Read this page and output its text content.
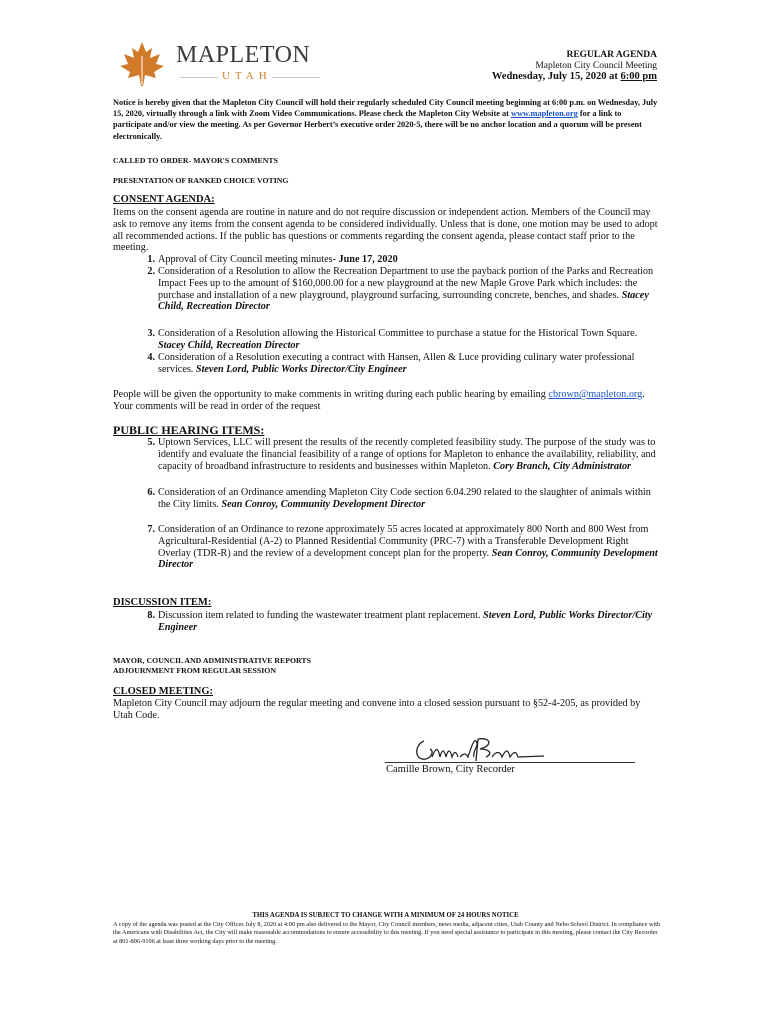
MAPLETON
UTAH
REGULAR AGENDA
Mapleton City Council Meeting
Wednesday, July 15, 2020 at 6:00 pm
Notice is hereby given that the Mapleton City Council will hold their regularly scheduled City Council meeting beginning at 6:00 p.m. on Wednesday, July 15, 2020, virtually through a link with Zoom Video Communications. Please check the Mapleton City Website at www.mapleton.org for a link to participate and/or view the meeting. As per Governor Herbert’s executive order 2020-5, there will be no anchor location and a quorum will be present electronically.
CALLED TO ORDER- MAYOR'S COMMENTS
PRESENTATION OF RANKED CHOICE VOTING
CONSENT AGENDA:
Items on the consent agenda are routine in nature and do not require discussion or independent action. Members of the Council may ask to remove any items from the consent agenda to be considered individually. Unless that is done, one motion may be used to adopt all recommended actions. If the public has questions or comments regarding the consent agenda, please contact staff prior to the meeting.
1. Approval of City Council meeting minutes- June 17, 2020
2. Consideration of a Resolution to allow the Recreation Department to use the payback portion of the Parks and Recreation Impact Fees up to the amount of $160,000.00 for a new playground at the new Maple Grove Park which includes: the purchase and installation of a new playground, playground surfacing, surrounding concrete, benches, and shades. Stacey Child, Recreation Director
3. Consideration of a Resolution allowing the Historical Committee to purchase a statue for the Historical Town Square. Stacey Child, Recreation Director
4. Consideration of a Resolution executing a contract with Hansen, Allen & Luce providing culinary water professional services. Steven Lord, Public Works Director/City Engineer
People will be given the opportunity to make comments in writing during each public hearing by emailing cbrown@mapleton.org. Your comments will be read in order of the request
PUBLIC HEARING ITEMS:
5. Uptown Services, LLC will present the results of the recently completed feasibility study. The purpose of the study was to identify and evaluate the financial feasibility of a range of options for Mapleton to enhance the availability, reliability, and capacity of broadband infrastructure to residents and businesses within Mapleton. Cory Branch, City Administrator
6. Consideration of an Ordinance amending Mapleton City Code section 6.04.290 related to the slaughter of animals within the City limits. Sean Conroy, Community Development Director
7. Consideration of an Ordinance to rezone approximately 55 acres located at approximately 800 North and 800 West from Agricultural-Residential (A-2) to Planned Residential Community (PRC-7) with a Transferable Development Right Overlay (TDR-R) and the review of a development concept plan for the property. Sean Conroy, Community Development Director
DISCUSSION ITEM:
8. Discussion item related to funding the wastewater treatment plant replacement. Steven Lord, Public Works Director/City Engineer
MAYOR, COUNCIL AND ADMINISTRATIVE REPORTS
ADJOURNMENT FROM REGULAR SESSION
CLOSED MEETING:
Mapleton City Council may adjourn the regular meeting and convene into a closed session pursuant to §52-4-205, as provided by Utah Code.
Camille Brown, City Recorder
THIS AGENDA IS SUBJECT TO CHANGE WITH A MINIMUM OF 24 HOURS NOTICE
A copy of the agenda was posted at the City Offices July 8, 2020 at 4:00 pm also delivered to the Mayor, City Council members, news media, adjacent cities, Utah County and Nebo School District. In compliance with the Americans with Disabilities Act, the City will make reasonable accommodations to ensure accessibility to this meeting. If you need special assistance to participate in this meeting, please contact the City Recorder at 801-806-9106 at least three working days prior to the meeting.
